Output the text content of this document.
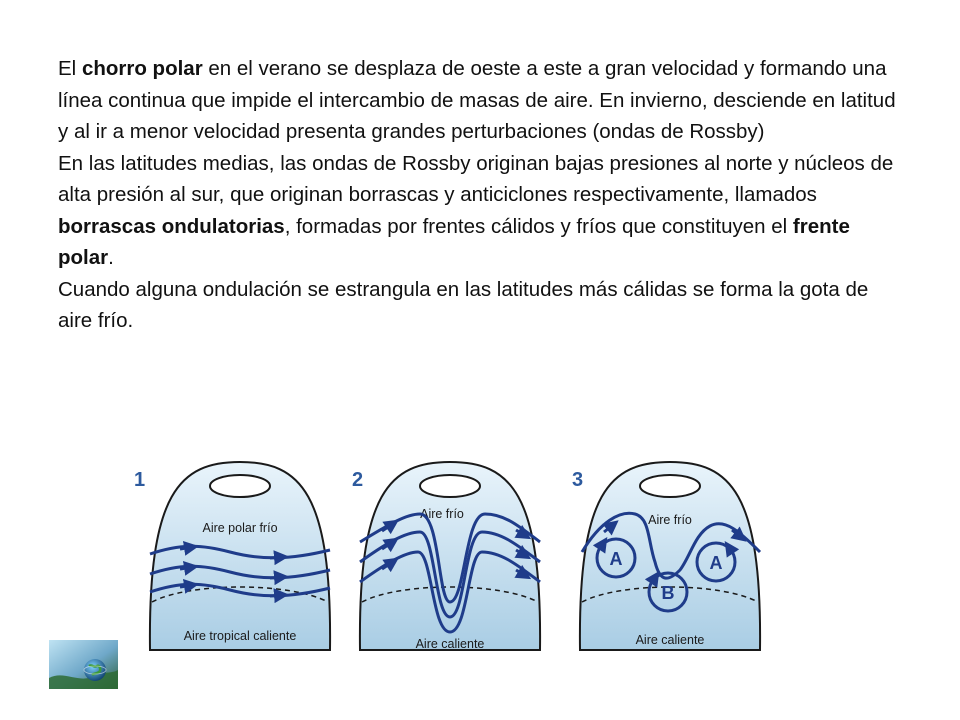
El chorro polar en el verano se desplaza de oeste a este a gran velocidad y formando una línea continua que impide el intercambio de masas de aire. En invierno, desciende en latitud y al ir a menor velocidad presenta grandes perturbaciones (ondas de Rossby)

En las latitudes medias, las ondas de Rossby originan bajas presiones al norte y núcleos de alta presión al sur, que originan borrascas y anticiclones respectivamente, llamados borrascas ondulatorias, formadas por frentes cálidos y fríos que constituyen el frente polar.

Cuando alguna ondulación se estrangula en las latitudes más cálidas se forma la gota de aire frío.

1
Aire polar frío
Aire tropical caliente
2
Aire frío
Aire caliente
3
Aire frío
A	A
B
Aire caliente
